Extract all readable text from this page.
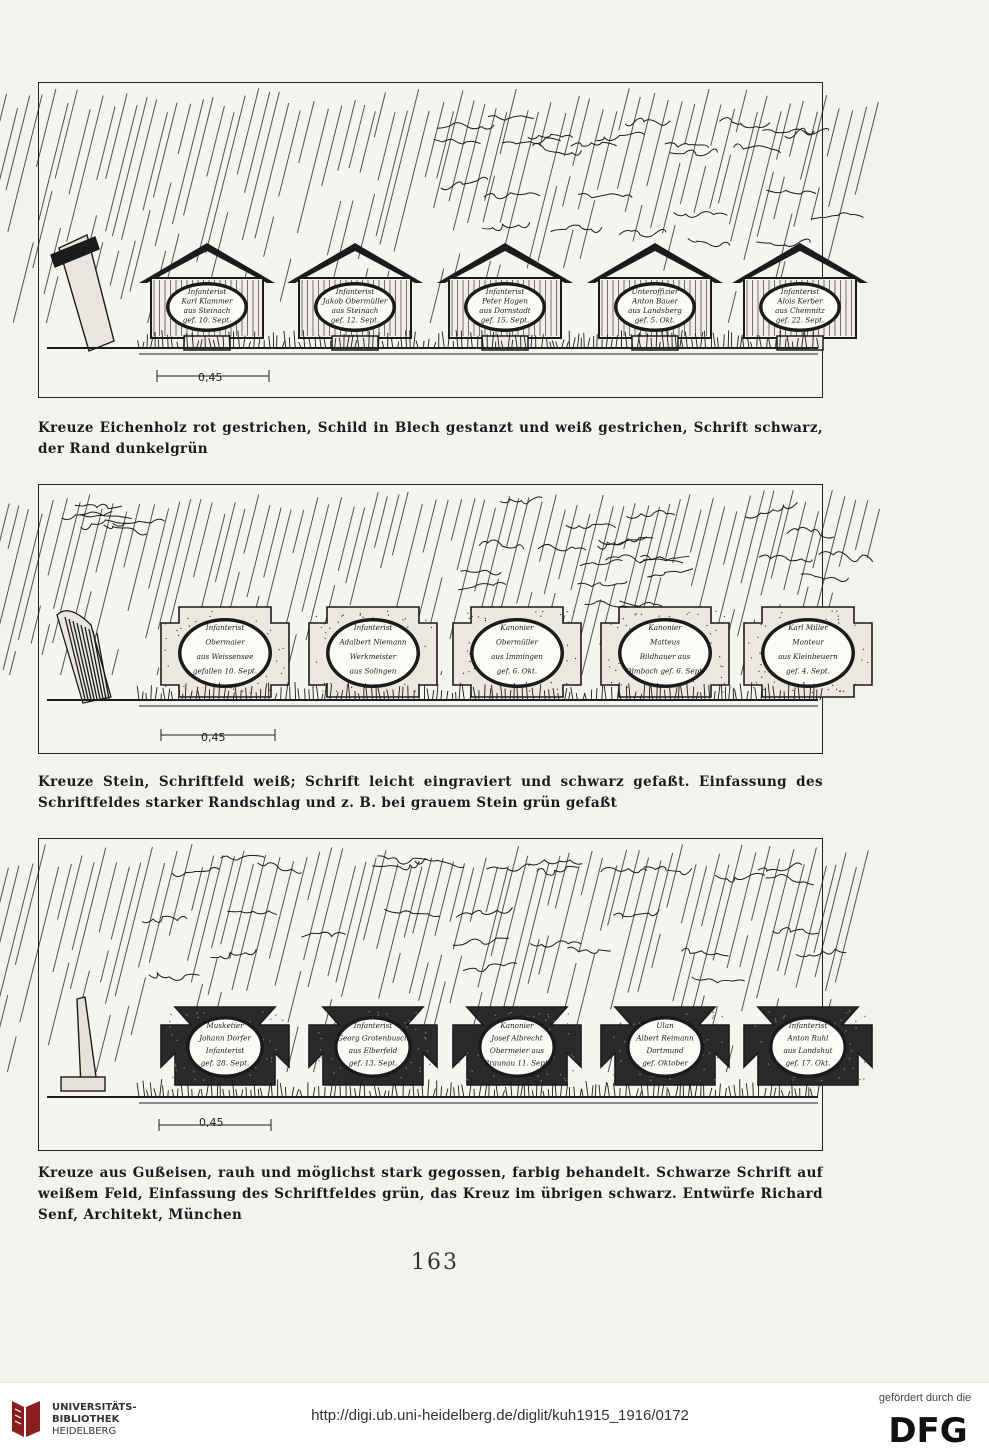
Infanterist
Karl Klammer
aus Steinach
gef. 10. Sept.
Infanterist
Jakob Obermüller
aus Steinach
gef. 12. Sept.
Infanterist
Peter Hagen
aus Dornstadt
gef. 15. Sept.
Unteroffizier
Anton Bauer
aus Landsberg
gef. 5. Okt.
Infanterist
Alois Kerber
aus Chemnitz
gef. 22. Sept.
0,45
Kreuze Eichenholz rot gestrichen, Schild in Blech gestanzt und weiß gestrichen, Schrift schwarz, der Rand dunkelgrün
Infanterist
Obermaier
aus Weissensee
gefallen 10. Sept.
Infanterist
Adalbert Niemann
Werkmeister
aus Solingen
Kanonier
Obermüller
aus Immingen
gef. 6. Okt.
Kanonier
Matteus
Bildhauer aus
Olmbach gef. 6. Sept.
Karl Miller
Monteur
aus Kleinbeuern
gef. 4. Sept.
0,45
Kreuze Stein, Schriftfeld weiß; Schrift leicht eingraviert und schwarz gefaßt. Einfassung des Schriftfeldes starker Randschlag und z. B. bei grauem Stein grün gefaßt
Musketier
Johann Dorfer
Infanterist
gef. 28. Sept.
Infanterist
Georg Grotenbusch
aus Elberfeld
gef. 13. Sept.
Kanonier
Josef Albrecht
Obermeier aus
Braunau 11. Sept.
Ulan
Albert Reimann
Dortmund
gef. Oktober
Infanterist
Anton Ruhl
aus Landshut
gef. 17. Okt.
0,45
Kreuze aus Gußeisen, rauh und möglichst stark gegossen, farbig behandelt. Schwarze Schrift auf weißem Feld, Einfassung des Schriftfeldes grün, das Kreuz im übrigen schwarz. Entwürfe Richard Senf, Architekt, München
163
UNIVERSITÄTS-
BIBLIOTHEK
HEIDELBERG
http://digi.ub.uni-heidelberg.de/diglit/kuh1915_1916/0172
gefördert durch die
DFG
